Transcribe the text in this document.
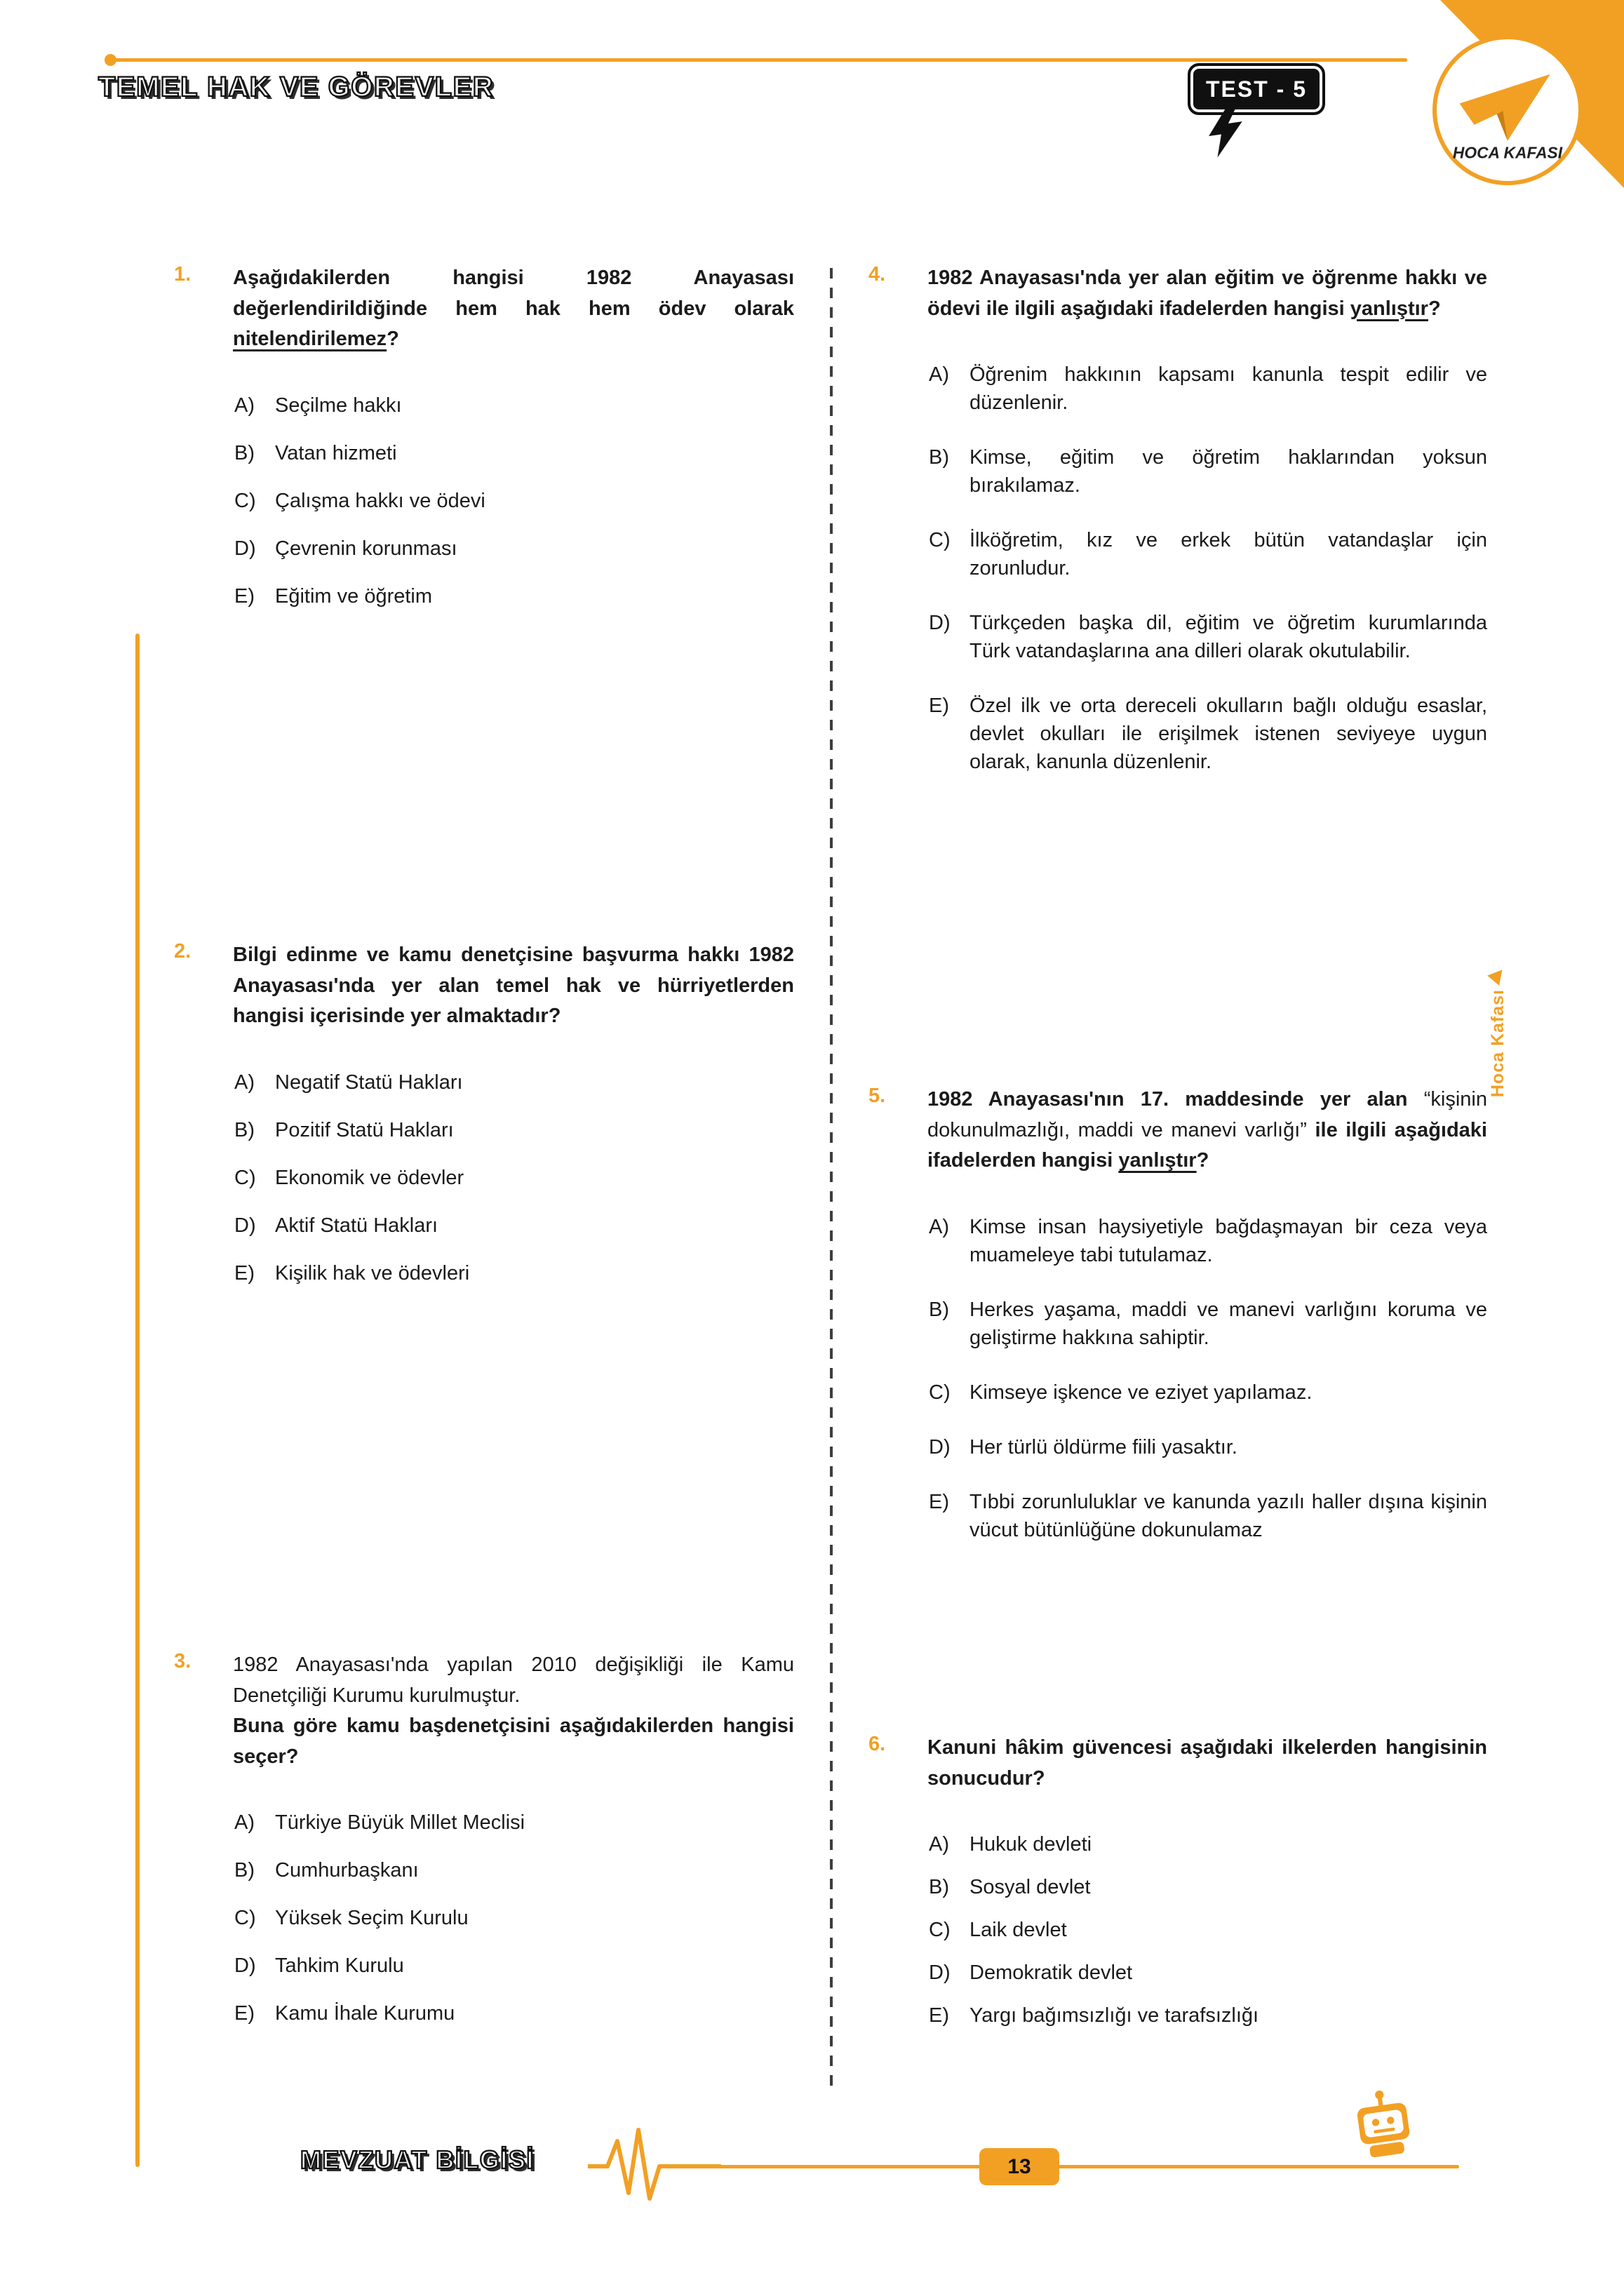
TEMEL HAK VE GÖREVLER	TEST - 5
HOCA KAFASI
1. Aşağıdakilerden hangisi 1982 Anayasası değerlendirildiğinde hem hak hem ödev olarak nitelendirilemez?

A) Seçilme hakkı
B) Vatan hizmeti
C) Çalışma hakkı ve ödevi
D) Çevrenin korunması
E) Eğitim ve öğretim
2. Bilgi edinme ve kamu denetçisine başvurma hakkı 1982 Anayasası'nda yer alan temel hak ve hürriyetlerden hangisi içerisinde yer almaktadır?

A) Negatif Statü Hakları
B) Pozitif Statü Hakları
C) Ekonomik ve ödevler
D) Aktif Statü Hakları
E) Kişilik hak ve ödevleri
3. 1982 Anayasası'nda yapılan 2010 değişikliği ile Kamu Denetçiliği Kurumu kurulmuştur.
Buna göre kamu başdenetçisini aşağıdakilerden hangisi seçer?

A) Türkiye Büyük Millet Meclisi
B) Cumhurbaşkanı
C) Yüksek Seçim Kurulu
D) Tahkim Kurulu
E) Kamu İhale Kurumu
4. 1982 Anayasası'nda yer alan eğitim ve öğrenme hakkı ve ödevi ile ilgili aşağıdaki ifadelerden hangisi yanlıştır?

A) Öğrenim hakkının kapsamı kanunla tespit edilir ve düzenlenir.
B) Kimse, eğitim ve öğretim haklarından yoksun bırakılamaz.
C) İlköğretim, kız ve erkek bütün vatandaşlar için zorunludur.
D) Türkçeden başka dil, eğitim ve öğretim kurumlarında Türk vatandaşlarına ana dilleri olarak okutulabilir.
E) Özel ilk ve orta dereceli okulların bağlı olduğu esaslar, devlet okulları ile erişilmek istenen seviyeye uygun olarak, kanunla düzenlenir.
5. 1982 Anayasası'nın 17. maddesinde yer alan “kişinin dokunulmazlığı, maddi ve manevi varlığı” ile ilgili aşağıdaki ifadelerden hangisi yanlıştır?

A) Kimse insan haysiyetiyle bağdaşmayan bir ceza veya muameleye tabi tutulamaz.
B) Herkes yaşama, maddi ve manevi varlığını koruma ve geliştirme hakkına sahiptir.
C) Kimseye işkence ve eziyet yapılamaz.
D) Her türlü öldürme fiili yasaktır.
E) Tıbbi zorunluluklar ve kanunda yazılı haller dışına kişinin vücut bütünlüğüne dokunulamaz
6. Kanuni hâkim güvencesi aşağıdaki ilkelerden hangisinin sonucudur?

A) Hukuk devleti
B) Sosyal devlet
C) Laik devlet
D) Demokratik devlet
E) Yargı bağımsızlığı ve tarafsızlığı
Hoca Kafası
MEVZUAT BİLGİSİ	13
